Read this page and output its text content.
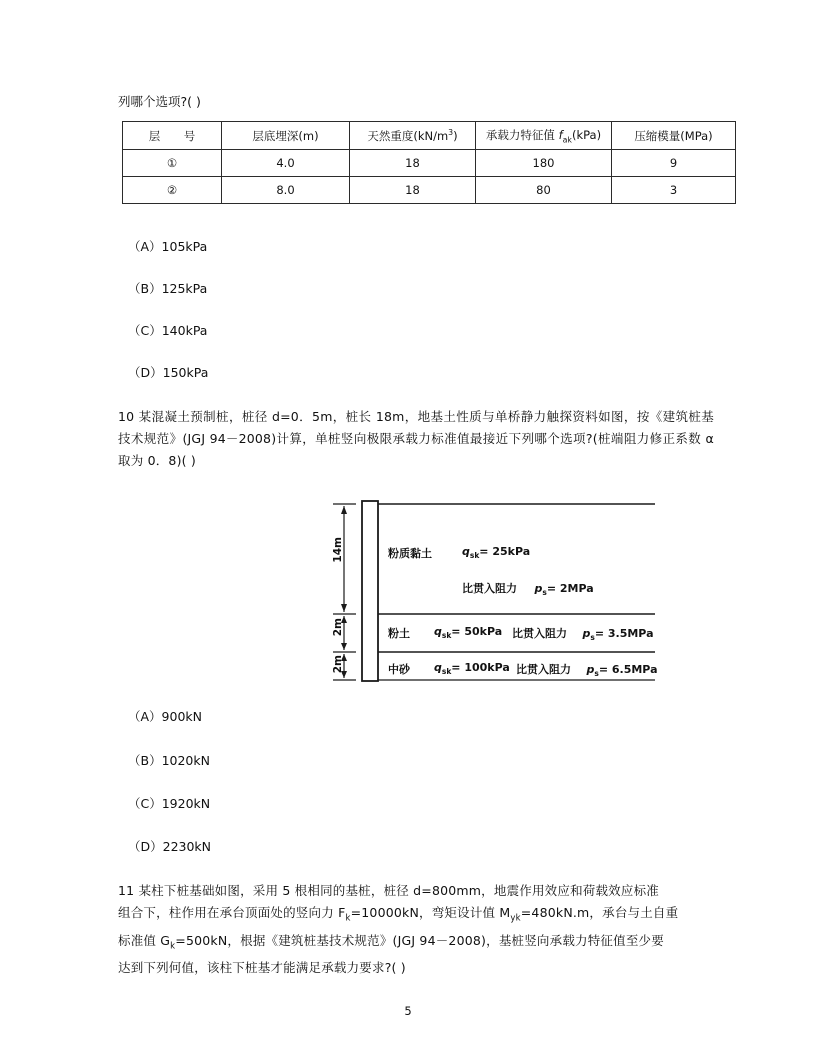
列哪个选项?( )
层　号	层底埋深(m)	天然重度$(kN/m^3)$	承载力特征值 $f_{ak}(kPa)$	压缩模量(MPa)
①	4.0	18	180	9
②	8.0	18	80	3
（A）105kPa
（B）125kPa
（C）140kPa
（D）150kPa
10 某混凝土预制桩，桩径 d=0．5m，桩长 18m，地基土性质与单桥静力触探资料如图，按《建筑桩基技术规范》(JGJ 94－2008)计算，单桩竖向极限承载力标准值最接近下列哪个选项?(桩端阻力修正系数 α 取为 0．8)( )
14m
2m
2m
粉质黏土	$q_{sk}= 25kPa$
比贯入阻力 $p_s= 2MPa$
粉土 $q_{sk}= 50kPa$ 比贯入阻力 $p_s= 3.5MPa$
中砂 $q_{sk}= 100kPa$ 比贯入阻力 $p_s= 6.5MPa$
（A）900kN
（B）1020kN
（C）1920kN
（D）2230kN
11 某柱下桩基础如图，采用 5 根相同的基桩，桩径 d=800mm，地震作用效应和荷载效应标准
组合下，柱作用在承台顶面处的竖向力 $F_k=10000kN$，弯矩设计值 $M_{yk}=480kN.m$，承台与土自重
标准值 $G_k=500kN$，根据《建筑桩基技术规范》(JGJ 94－2008)，基桩竖向承载力特征值至少要
达到下列何值，该柱下桩基才能满足承载力要求?( )
5
